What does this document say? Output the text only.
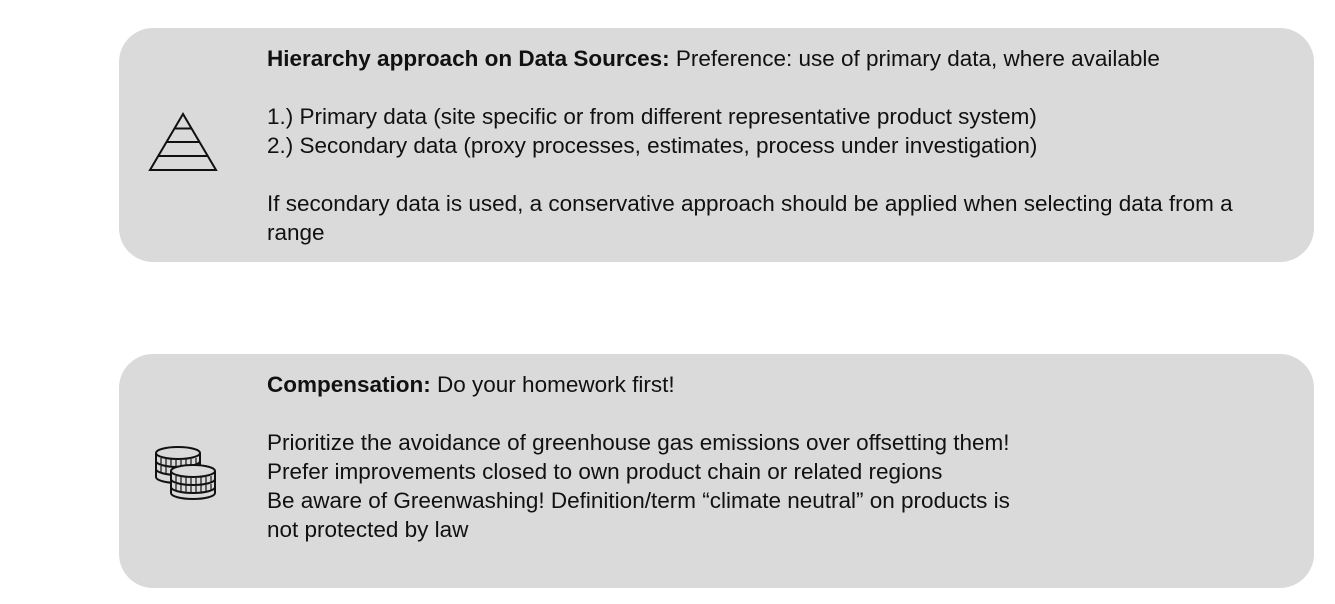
Hierarchy approach on Data Sources: Preference: use of primary data, where available
1.) Primary data (site specific or from different representative product system)
2.) Secondary data (proxy processes, estimates, process under investigation)
If secondary data is used, a conservative approach should be applied when selecting data from a range
Compensation: Do your homework first!
Prioritize the avoidance of greenhouse gas emissions over offsetting them!
Prefer improvements closed to own product chain or related regions
Be aware of Greenwashing! Definition/term “climate neutral” on products is not protected by law
